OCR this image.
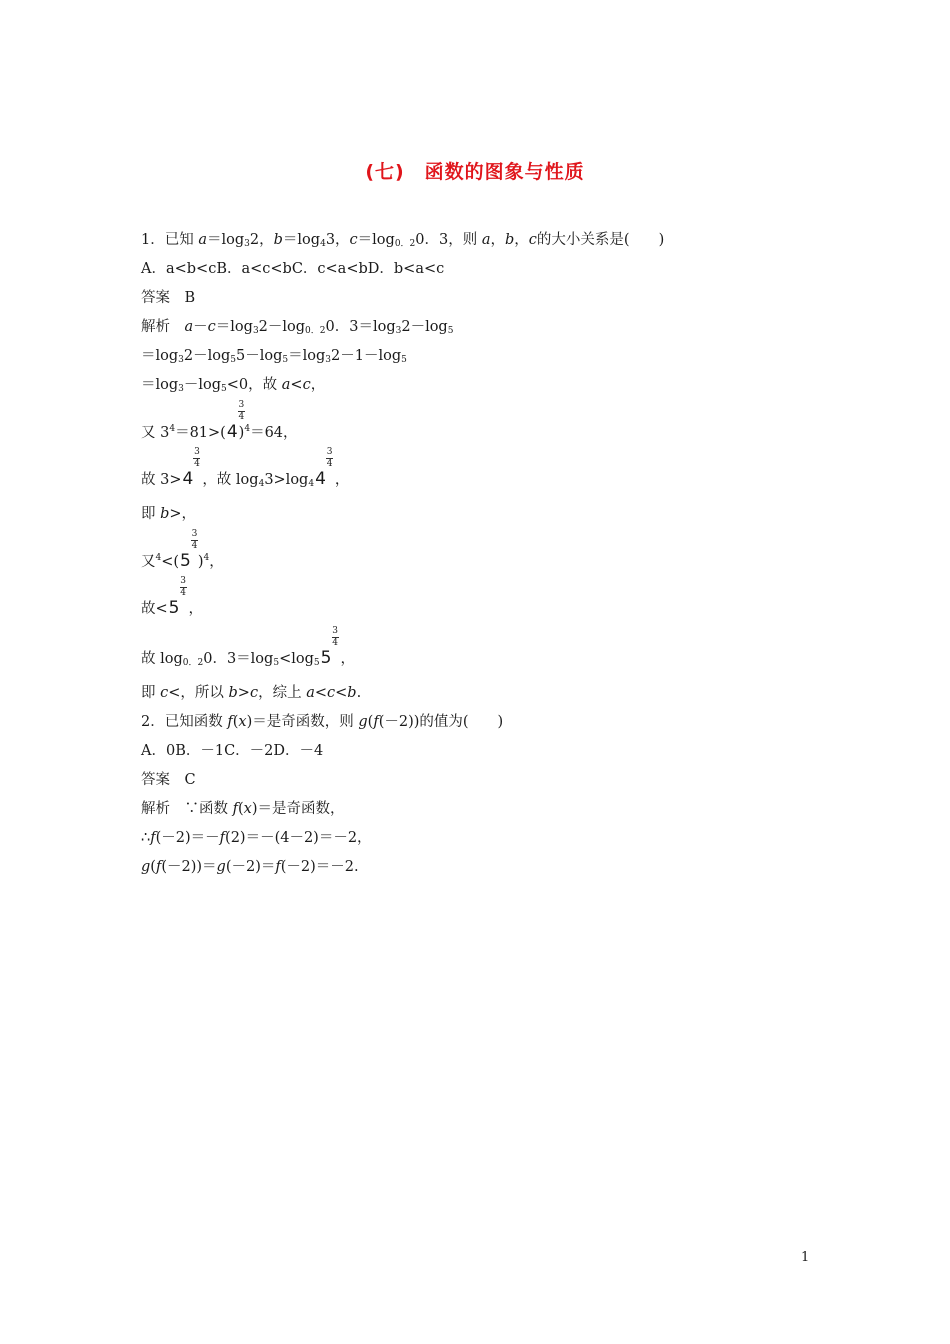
(七)　函数的图象与性质
1．已知 $a=\log_32$，$b=\log_43$，$c=\log_{0.2}0$．3，则 a，b，c的大小关系是(　　)
A．a<b<cB．a<c<bC．c<a<bD．b<a<c
答案　B
解析　$a-c=\log_32-\log_{0.2}0$．$3=\log_32-\log_5$
$=\log_32-\log_55-\log_5=\log_32-1-\log_5$
$=\log_3-\log_5<0$，故 a<c，
又 $3^4=81>(4$
3
4
)$^4$＝64，
故 3>4
3
4
，故 $\log_43>\log_44$
3
4
，
即 b>，
又$^4$<(5
3
4
)$^4$，
故<5
3
4
，
故 $\log_{0.2}0$．$3=\log_5<\log_55$
3
4
，
即 c<，所以 b>c，综上 a<c<b.
2．已知函数 f(x)＝是奇函数，则 g(f(－2))的值为(　　)
A．0B．－1C．－2D．－4
答案　C
解析　∵函数 f(x)＝是奇函数，
∴f(－2)＝－f(2)＝－(4－2)＝－2，
g(f(－2))＝g(－2)＝f(－2)＝－2.
1
